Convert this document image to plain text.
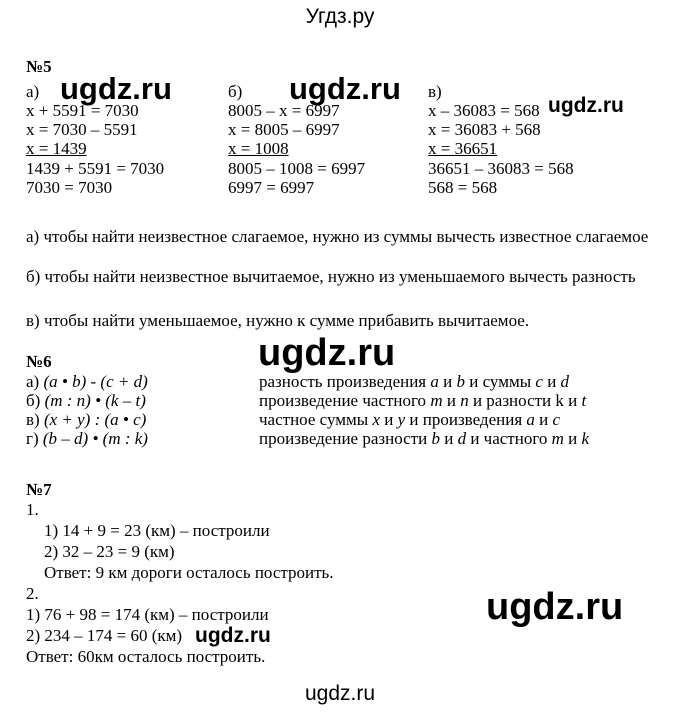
Угдз.ру
№5
а)
x + 5591 = 7030
x = 7030 – 5591
x = 1439
1439 + 5591 = 7030
7030 = 7030
б)
8005 – x = 6997
x = 8005 – 6997
x = 1008
8005 – 1008 = 6997
6997 = 6997
в)
x – 36083 = 568
x = 36083 + 568
x = 36651
36651 – 36083 = 568
568 = 568
а) чтобы найти неизвестное слагаемое, нужно из суммы вычесть известное слагаемое
б) чтобы найти неизвестное вычитаемое, нужно из уменьшаемого вычесть разность
в) чтобы найти уменьшаемое, нужно к сумме прибавить вычитаемое.
№6
а) (a • b) - (c + d)
б) (m : n) • (k – t)
в) (x + y) : (a • c)
г) (b – d) • (m : k)
разность произведения a и b и суммы c и d
произведение частного m и n и разности k и t
частное суммы x и y и произведения a и c
произведение разности b и d и частного m и k
№7
1.
1) 14 + 9 = 23 (км) – построили
2) 32 – 23 = 9 (км)
Ответ: 9 км дороги осталось построить.
2.
1) 76 + 98 = 174 (км) – построили
2) 234 – 174 = 60 (км)
Ответ: 60км осталось построить.
ugdz.ru	ugdz.ru	ugdz.ru
ugdz.ru
ugdz.ru
ugdz.ru
ugdz.ru
